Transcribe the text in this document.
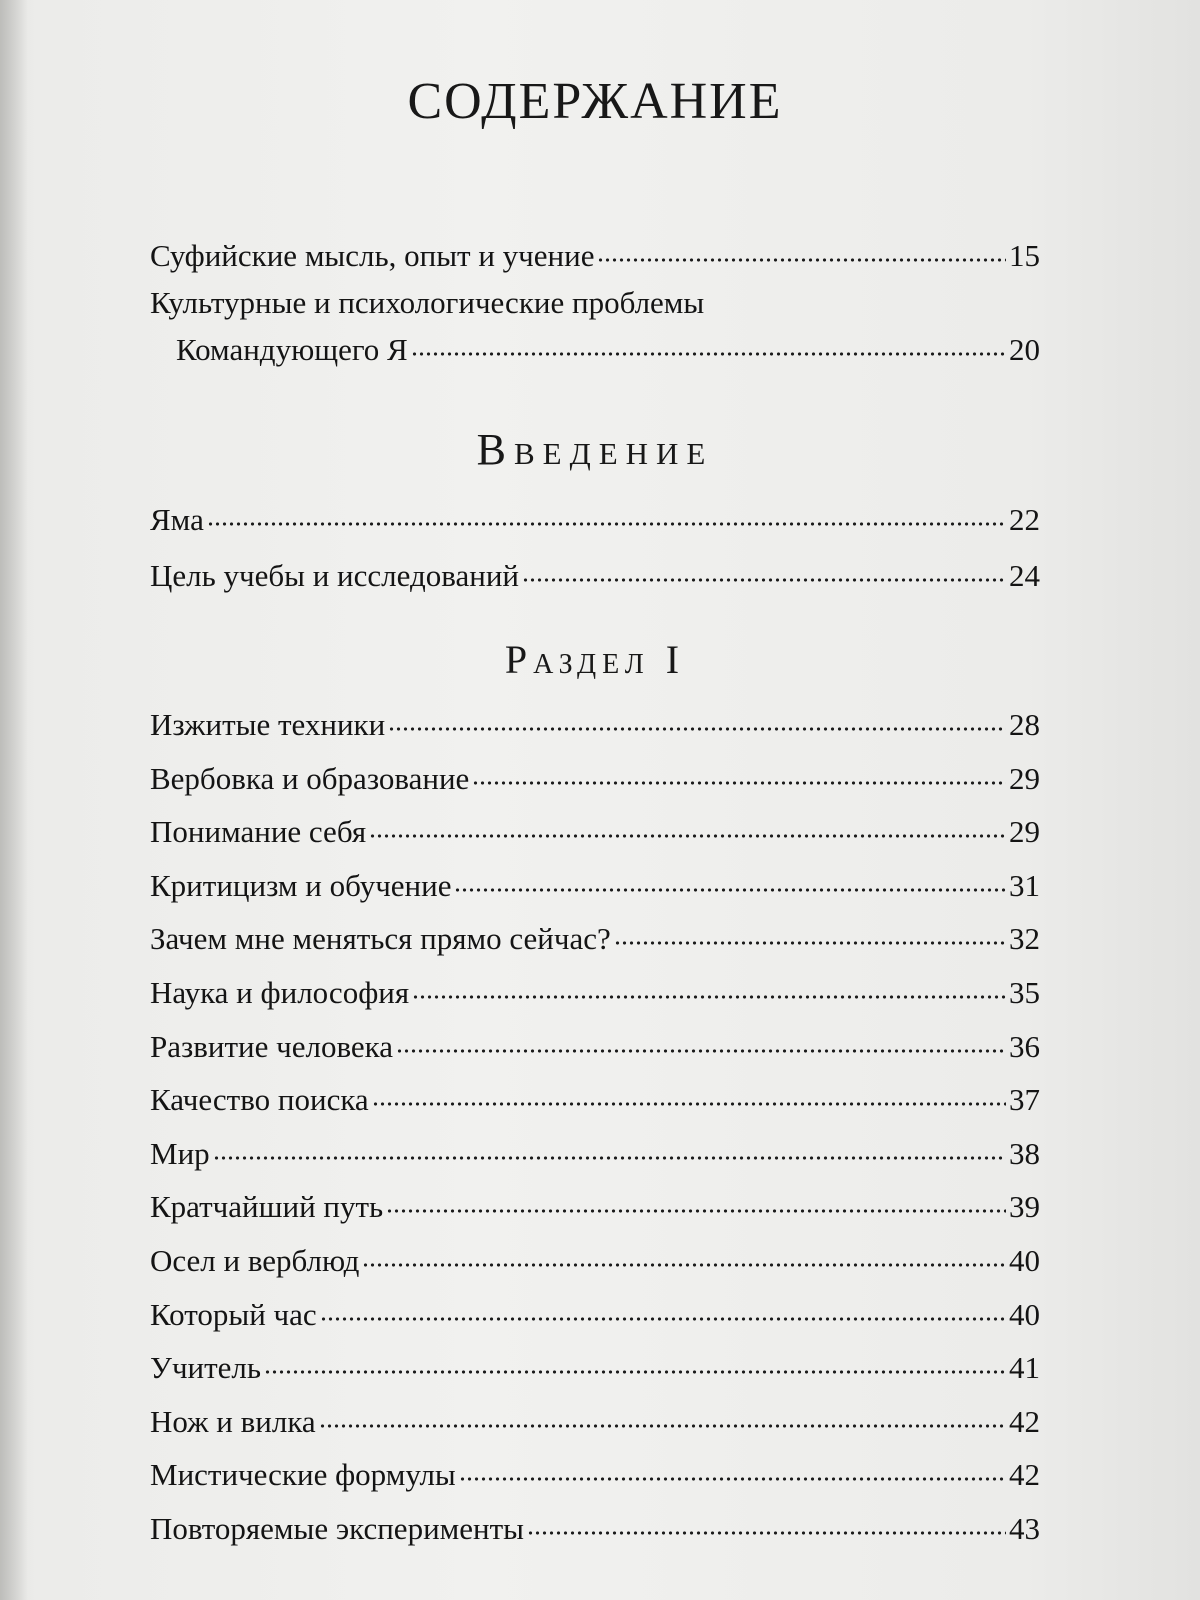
СОДЕРЖАНИЕ
Суфийские мысль, опыт и учение	15
Культурные и психологические проблемы
Командующего Я	20
Введение
Яма	22
Цель учебы и исследований	24
Раздел I
Изжитые техники	28
Вербовка и образование	29
Понимание себя	29
Критицизм и обучение	31
Зачем мне меняться прямо сейчас?	32
Наука и философия	35
Развитие человека	36
Качество поиска	37
Мир	38
Кратчайший путь	39
Осел и верблюд	40
Который час	40
Учитель	41
Нож и вилка	42
Мистические формулы	42
Повторяемые эксперименты	43
